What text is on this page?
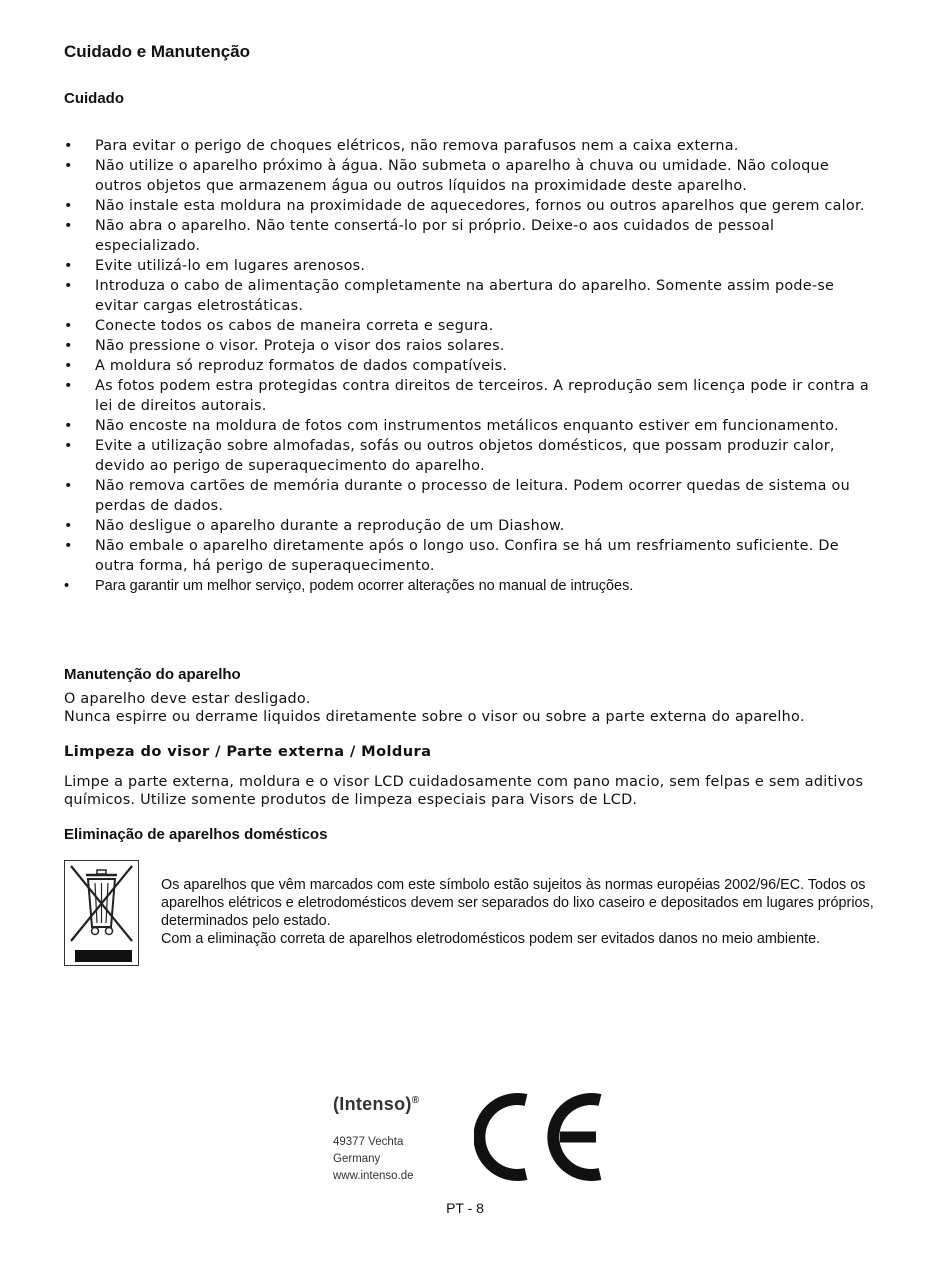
Cuidado e Manutenção
Cuidado
• Para evitar o perigo de choques elétricos, não remova parafusos nem a caixa externa.
• Não utilize o aparelho próximo à água. Não submeta o aparelho à chuva ou umidade. Não coloque outros objetos que armazenem água ou outros líquidos na proximidade deste aparelho.
• Não instale esta moldura na proximidade de aquecedores, fornos ou outros aparelhos que gerem calor.
• Não abra o aparelho. Não tente consertá-lo por si próprio. Deixe-o aos cuidados de pessoal especializado.
• Evite utilizá-lo em lugares arenosos.
• Introduza o cabo de alimentação completamente na abertura do aparelho. Somente assim pode-se evitar cargas eletrostáticas.
• Conecte todos os cabos de maneira correta e segura.
• Não pressione o visor. Proteja o visor dos raios solares.
• A moldura só reproduz formatos de dados compatíveis.
• As fotos podem estra protegidas contra direitos de terceiros. A reprodução sem licença pode ir contra a lei de direitos autorais.
• Não encoste na moldura de fotos com instrumentos metálicos enquanto estiver em funcionamento.
• Evite a utilização sobre almofadas, sofás ou outros objetos domésticos, que possam produzir calor, devido ao perigo de superaquecimento do aparelho.
• Não remova cartões de memória durante o processo de leitura. Podem ocorrer quedas de sistema ou perdas de dados.
• Não desligue o aparelho durante a reprodução de um Diashow.
• Não embale o aparelho diretamente após o longo uso. Confira se há um resfriamento suficiente. De outra forma, há perigo de superaquecimento.
• Para garantir um melhor serviço, podem ocorrer alterações no manual de intruções.
Manutenção do aparelho
O aparelho deve estar desligado.
Nunca espirre ou derrame liquidos diretamente sobre o visor ou sobre a parte externa do aparelho.
Limpeza do visor / Parte externa / Moldura
Limpe a parte externa, moldura e o visor LCD cuidadosamente com pano macio, sem felpas e sem aditivos químicos. Utilize somente produtos de limpeza especiais para Visors de LCD.
Eliminação de aparelhos domésticos
Os aparelhos que vêm marcados com este símbolo estão sujeitos às normas européias 2002/96/EC. Todos os aparelhos elétricos e eletrodomésticos devem ser separados do lixo caseiro e depositados em lugares próprios, determinados pelo estado.
Com a eliminação correta de aparelhos eletrodomésticos podem ser evitados danos no meio ambiente.
(Intenso)®
49377 Vechta
Germany
www.intenso.de
PT - 8
